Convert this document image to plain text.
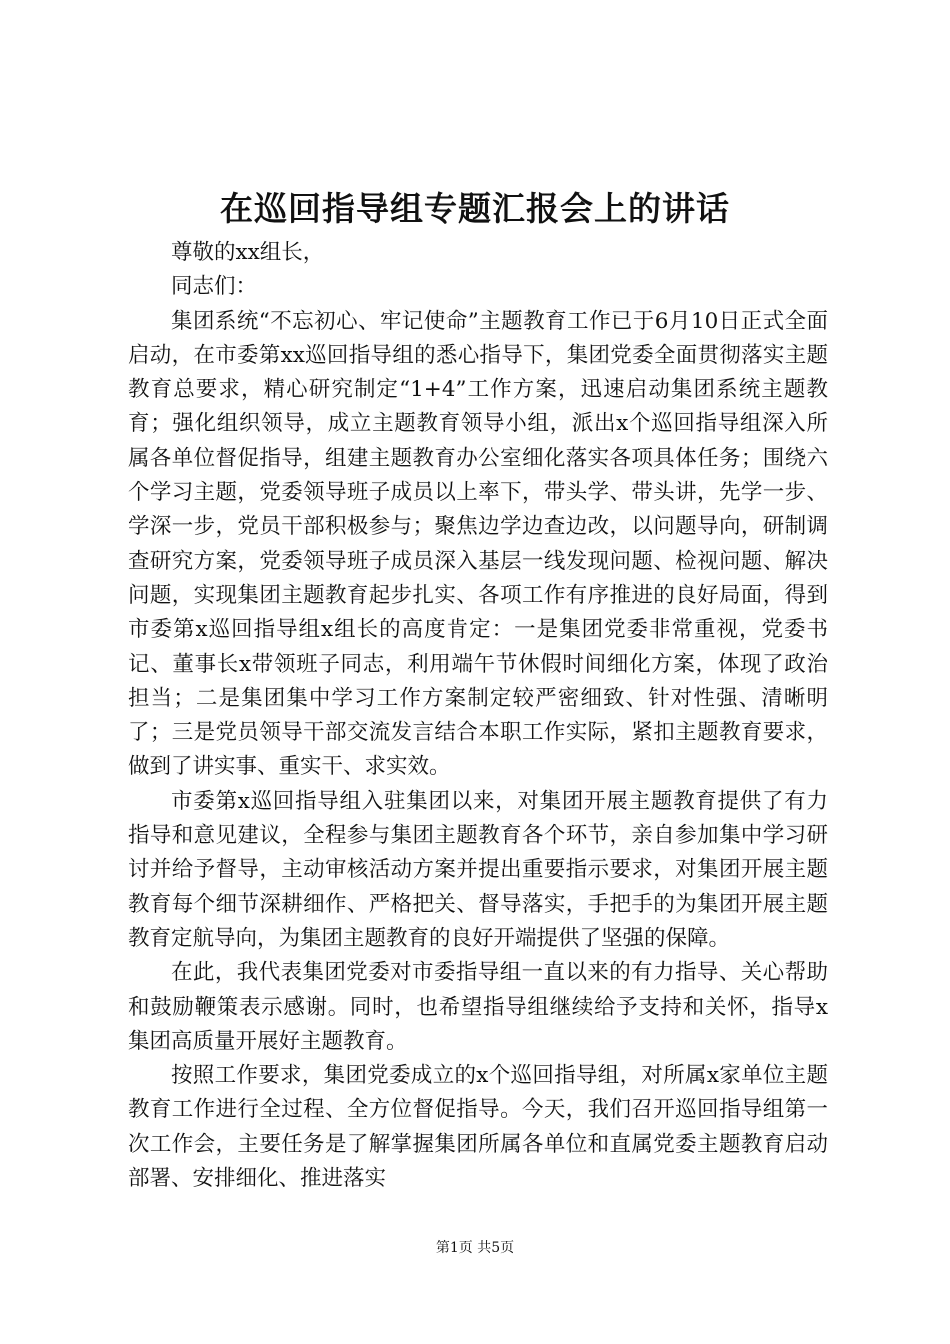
在巡回指导组专题汇报会上的讲话

尊敬的xx组长，

同志们：

集团系统“不忘初心、牢记使命”主题教育工作已于6月10日正式全面启动，在市委第xx巡回指导组的悉心指导下，集团党委全面贯彻落实主题教育总要求，精心研究制定“1+4”工作方案，迅速启动集团系统主题教育；强化组织领导，成立主题教育领导小组，派出x个巡回指导组深入所属各单位督促指导，组建主题教育办公室细化落实各项具体任务；围绕六个学习主题，党委领导班子成员以上率下，带头学、带头讲，先学一步、学深一步，党员干部积极参与；聚焦边学边查边改，以问题导向，研制调查研究方案，党委领导班子成员深入基层一线发现问题、检视问题、解决问题，实现集团主题教育起步扎实、各项工作有序推进的良好局面，得到市委第x巡回指导组x组长的高度肯定：一是集团党委非常重视，党委书记、董事长x带领班子同志，利用端午节休假时间细化方案，体现了政治担当；二是集团集中学习工作方案制定较严密细致、针对性强、清晰明了；三是党员领导干部交流发言结合本职工作实际，紧扣主题教育要求，做到了讲实事、重实干、求实效。

市委第x巡回指导组入驻集团以来，对集团开展主题教育提供了有力指导和意见建议，全程参与集团主题教育各个环节，亲自参加集中学习研讨并给予督导，主动审核活动方案并提出重要指示要求，对集团开展主题教育每个细节深耕细作、严格把关、督导落实，手把手的为集团开展主题教育定航导向，为集团主题教育的良好开端提供了坚强的保障。

在此，我代表集团党委对市委指导组一直以来的有力指导、关心帮助和鼓励鞭策表示感谢。同时，也希望指导组继续给予支持和关怀，指导x集团高质量开展好主题教育。

按照工作要求，集团党委成立的x个巡回指导组，对所属x家单位主题教育工作进行全过程、全方位督促指导。今天，我们召开巡回指导组第一次工作会，主要任务是了解掌握集团所属各单位和直属党委主题教育启动部署、安排细化、推进落实

第1页 共5页
